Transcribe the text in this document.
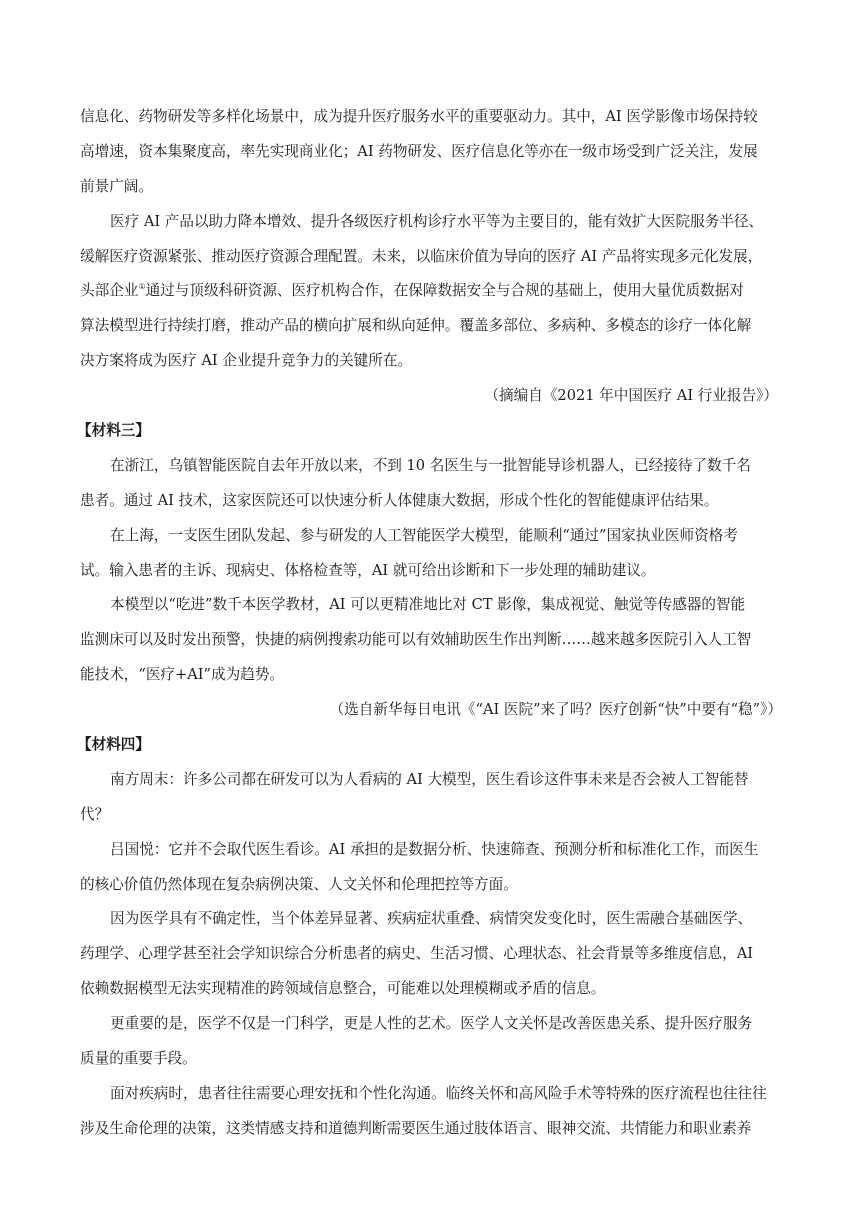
信息化、药物研发等多样化场景中，成为提升医疗服务水平的重要驱动力。其中，AI 医学影像市场保持较
高增速，资本集聚度高，率先实现商业化；AI 药物研发、医疗信息化等亦在一级市场受到广泛关注，发展
前景广阔。
医疗 AI 产品以助力降本增效、提升各级医疗机构诊疗水平等为主要目的，能有效扩大医院服务半径、
缓解医疗资源紧张、推动医疗资源合理配置。未来，以临床价值为导向的医疗 AI 产品将实现多元化发展，
头部企业①通过与顶级科研资源、医疗机构合作，在保障数据安全与合规的基础上，使用大量优质数据对
算法模型进行持续打磨，推动产品的横向扩展和纵向延伸。覆盖多部位、多病种、多模态的诊疗一体化解
决方案将成为医疗 AI 企业提升竞争力的关键所在。
（摘编自《2021 年中国医疗 AI 行业报告》）
【材料三】
在浙江，乌镇智能医院自去年开放以来，不到 10 名医生与一批智能导诊机器人，已经接待了数千名
患者。通过 AI 技术，这家医院还可以快速分析人体健康大数据，形成个性化的智能健康评估结果。
在上海，一支医生团队发起、参与研发的人工智能医学大模型，能顺利“通过”国家执业医师资格考
试。输入患者的主诉、现病史、体格检查等，AI 就可给出诊断和下一步处理的辅助建议。
本模型以“吃进”数千本医学教材，AI 可以更精准地比对 CT 影像，集成视觉、触觉等传感器的智能
监测床可以及时发出预警，快捷的病例搜索功能可以有效辅助医生作出判断……越来越多医院引入人工智
能技术，“医疗+AI”成为趋势。
（选自新华每日电讯《“AI 医院”来了吗？医疗创新“快”中要有“稳”》）
【材料四】
南方周末：许多公司都在研发可以为人看病的 AI 大模型，医生看诊这件事未来是否会被人工智能替
代？
吕国悦：它并不会取代医生看诊。AI 承担的是数据分析、快速筛查、预测分析和标准化工作，而医生
的核心价值仍然体现在复杂病例决策、人文关怀和伦理把控等方面。
因为医学具有不确定性，当个体差异显著、疾病症状重叠、病情突发变化时，医生需融合基础医学、
药理学、心理学甚至社会学知识综合分析患者的病史、生活习惯、心理状态、社会背景等多维度信息，AI
依赖数据模型无法实现精准的跨领域信息整合，可能难以处理模糊或矛盾的信息。
更重要的是，医学不仅是一门科学，更是人性的艺术。医学人文关怀是改善医患关系、提升医疗服务
质量的重要手段。
面对疾病时，患者往往需要心理安抚和个性化沟通。临终关怀和高风险手术等特殊的医疗流程也往往往
涉及生命伦理的决策，这类情感支持和道德判断需要医生通过肢体语言、眼神交流、共情能力和职业素养
